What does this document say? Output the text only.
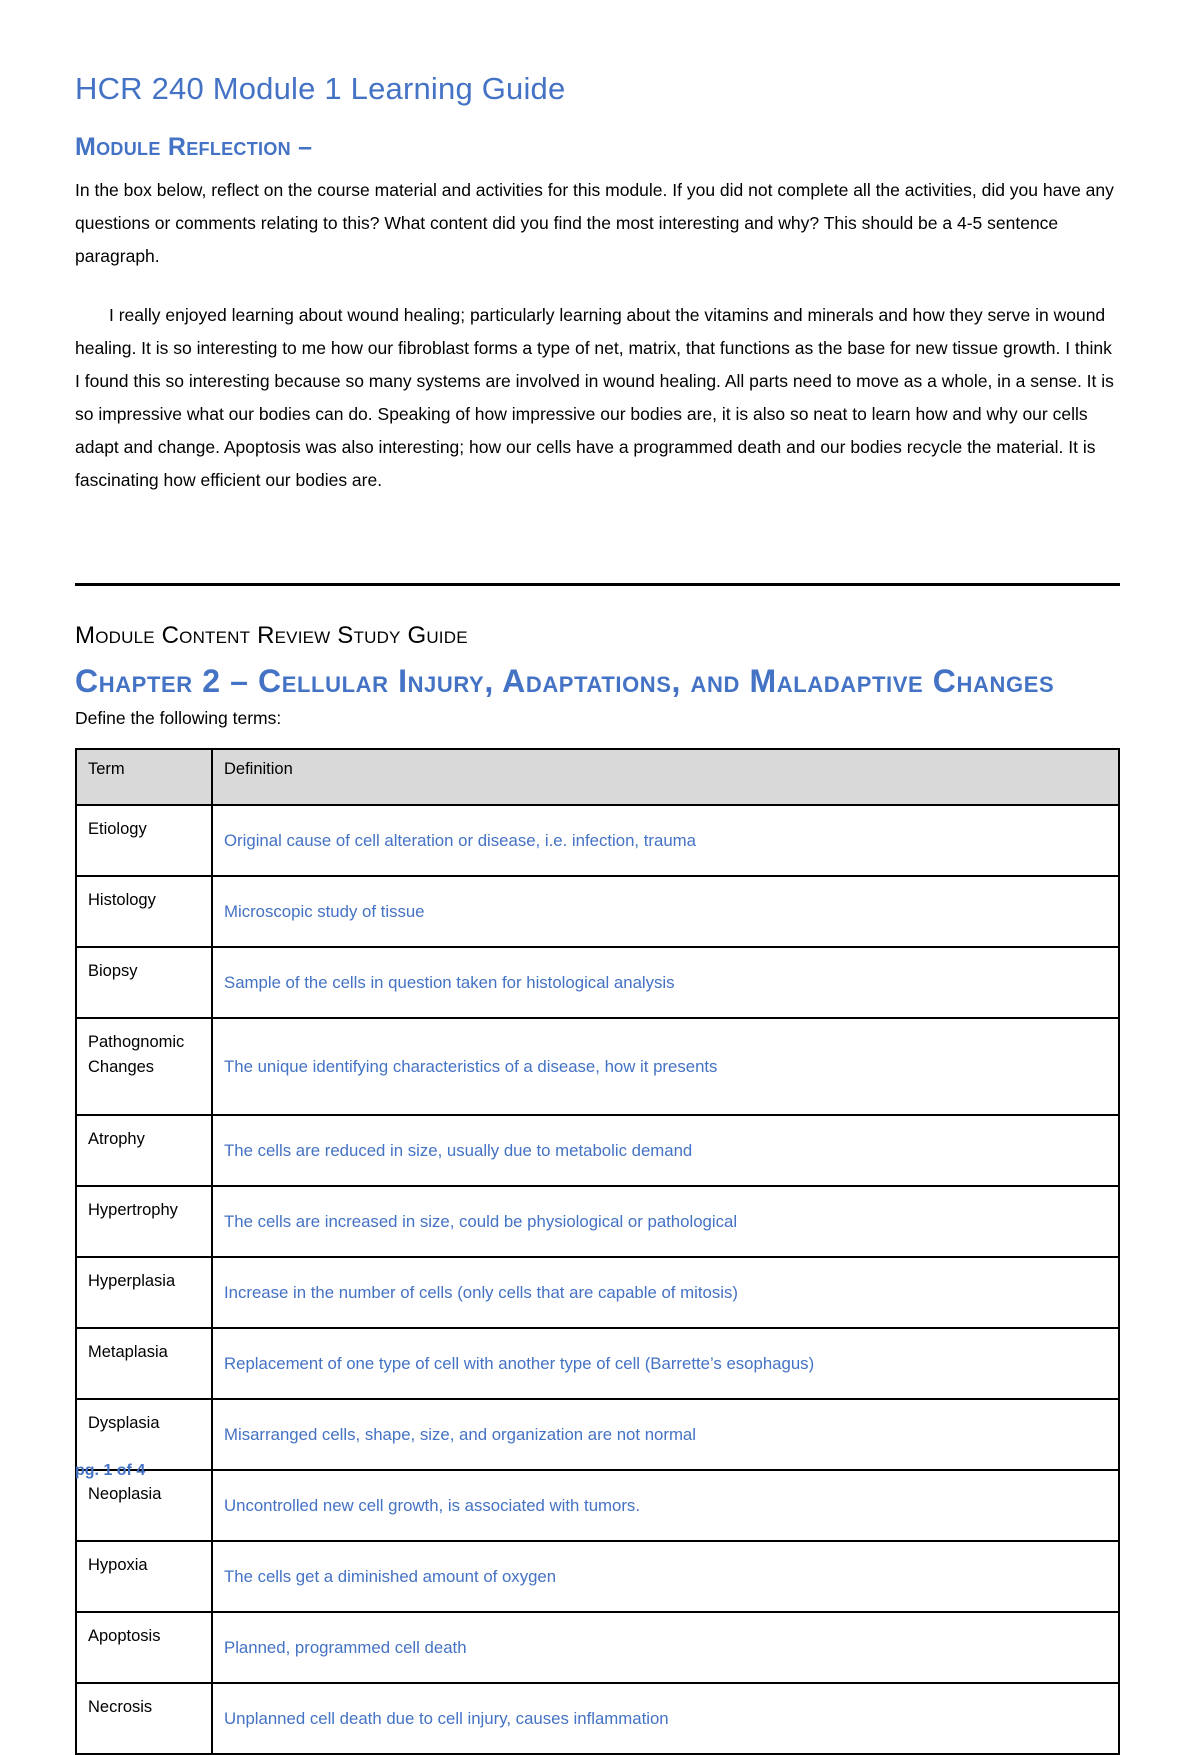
HCR 240 Module 1 Learning Guide
Module Reflection –

In the box below, reflect on the course material and activities for this module. If you did not complete all the activities, did you have any questions or comments relating to this? What content did you find the most interesting and why? This should be a 4-5 sentence paragraph.

I really enjoyed learning about wound healing; particularly learning about the vitamins and minerals and how they serve in wound healing. It is so interesting to me how our fibroblast forms a type of net, matrix, that functions as the base for new tissue growth. I think I found this so interesting because so many systems are involved in wound healing. All parts need to move as a whole, in a sense. It is so impressive what our bodies can do. Speaking of how impressive our bodies are, it is also so neat to learn how and why our cells adapt and change. Apoptosis was also interesting; how our cells have a programmed death and our bodies recycle the material. It is fascinating how efficient our bodies are.

Module Content Review Study Guide
Chapter 2 – Cellular Injury, Adaptations, and Maladaptive Changes

Define the following terms:

Term	Definition
Etiology	Original cause of cell alteration or disease, i.e. infection, trauma
Histology	Microscopic study of tissue
Biopsy	Sample of the cells in question taken for histological analysis
Pathognomic Changes	The unique identifying characteristics of a disease, how it presents
Atrophy	The cells are reduced in size, usually due to metabolic demand
Hypertrophy	The cells are increased in size, could be physiological or pathological
Hyperplasia	Increase in the number of cells (only cells that are capable of mitosis)
Metaplasia	Replacement of one type of cell with another type of cell (Barrette’s esophagus)
Dysplasia	Misarranged cells, shape, size, and organization are not normal
Neoplasia	Uncontrolled new cell growth, is associated with tumors.
Hypoxia	The cells get a diminished amount of oxygen
Apoptosis	Planned, programmed cell death
Necrosis	Unplanned cell death due to cell injury, causes inflammation
pg. 1 of 4
